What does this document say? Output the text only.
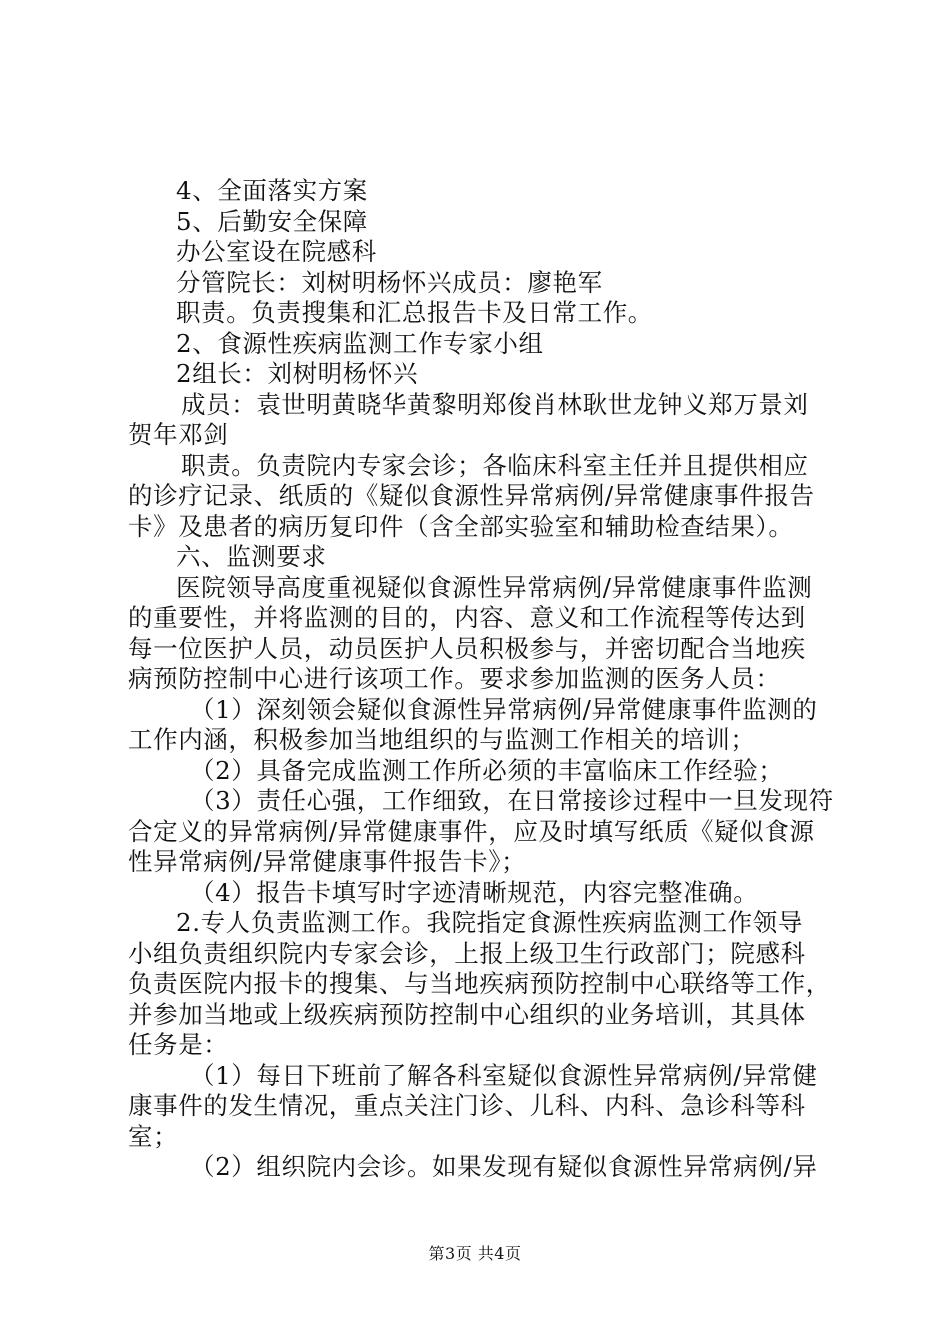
4、全面落实方案
5、后勤安全保障
办公室设在院感科
分管院长：刘树明杨怀兴成员：廖艳军
职责。负责搜集和汇总报告卡及日常工作。
2、食源性疾病监测工作专家小组
2组长：刘树明杨怀兴
成员：袁世明黄晓华黄黎明郑俊肖林耿世龙钟义郑万景刘
贺年邓剑
职责。负责院内专家会诊；各临床科室主任并且提供相应
的诊疗记录、纸质的《疑似食源性异常病例/异常健康事件报告
卡》及患者的病历复印件（含全部实验室和辅助检查结果）。
六、监测要求
医院领导高度重视疑似食源性异常病例/异常健康事件监测
的重要性，并将监测的目的，内容、意义和工作流程等传达到
每一位医护人员，动员医护人员积极参与，并密切配合当地疾
病预防控制中心进行该项工作。要求参加监测的医务人员：
（1）深刻领会疑似食源性异常病例/异常健康事件监测的
工作内涵，积极参加当地组织的与监测工作相关的培训；
（2）具备完成监测工作所必须的丰富临床工作经验；
（3）责任心强，工作细致，在日常接诊过程中一旦发现符
合定义的异常病例/异常健康事件，应及时填写纸质《疑似食源
性异常病例/异常健康事件报告卡》；
（4）报告卡填写时字迹清晰规范，内容完整准确。
2.专人负责监测工作。我院指定食源性疾病监测工作领导
小组负责组织院内专家会诊，上报上级卫生行政部门；院感科
负责医院内报卡的搜集、与当地疾病预防控制中心联络等工作，
并参加当地或上级疾病预防控制中心组织的业务培训，其具体
任务是：
（1）每日下班前了解各科室疑似食源性异常病例/异常健
康事件的发生情况，重点关注门诊、儿科、内科、急诊科等科
室；
（2）组织院内会诊。如果发现有疑似食源性异常病例/异
第3页 共4页
